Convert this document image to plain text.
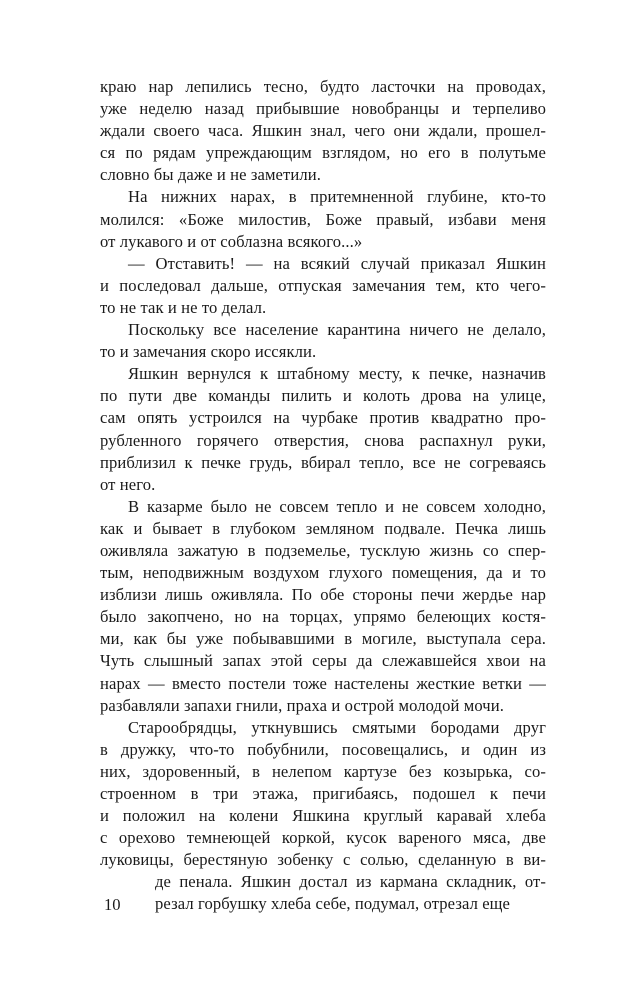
краю нар лепились тесно, будто ласточки на проводах,
уже неделю назад прибывшие новобранцы и терпеливо
ждали своего часа. Яшкин знал, чего они ждали, прошел-
ся по рядам упреждающим взглядом, но его в полутьме
словно бы даже и не заметили.
На нижних нарах, в притемненной глубине, кто-то
молился: «Боже милостив, Боже правый, избави меня
от лукавого и от соблазна всякого...»
— Отставить! — на всякий случай приказал Яшкин
и последовал дальше, отпуская замечания тем, кто чего-
то не так и не то делал.
Поскольку все население карантина ничего не делало,
то и замечания скоро иссякли.
Яшкин вернулся к штабному месту, к печке, назначив
по пути две команды пилить и колоть дрова на улице,
сам опять устроился на чурбаке против квадратно про-
рубленного горячего отверстия, снова распахнул руки,
приблизил к печке грудь, вбирал тепло, все не согреваясь
от него.
В казарме было не совсем тепло и не совсем холодно,
как и бывает в глубоком земляном подвале. Печка лишь
оживляла зажатую в подземелье, тусклую жизнь со спер-
тым, неподвижным воздухом глухого помещения, да и то
изблизи лишь оживляла. По обе стороны печи жердье нар
было закопчено, но на торцах, упрямо белеющих костя-
ми, как бы уже побывавшими в могиле, выступала сера.
Чуть слышный запах этой серы да слежавшейся хвои на
нарах — вместо постели тоже настелены жесткие ветки —
разбавляли запахи гнили, праха и острой молодой мочи.
Старообрядцы, уткнувшись смятыми бородами друг
в дружку, что-то побубнили, посовещались, и один из
них, здоровенный, в нелепом картузе без козырька, со-
строенном в три этажа, пригибаясь, подошел к печи
и положил на колени Яшкина круглый каравай хлеба
с орехово темнеющей коркой, кусок вареного мяса, две
луковицы, берестяную зобенку с солью, сделанную в ви-
де пенала. Яшкин достал из кармана складник, от-
резал горбушку хлеба себе, подумал, отрезал еще
10
